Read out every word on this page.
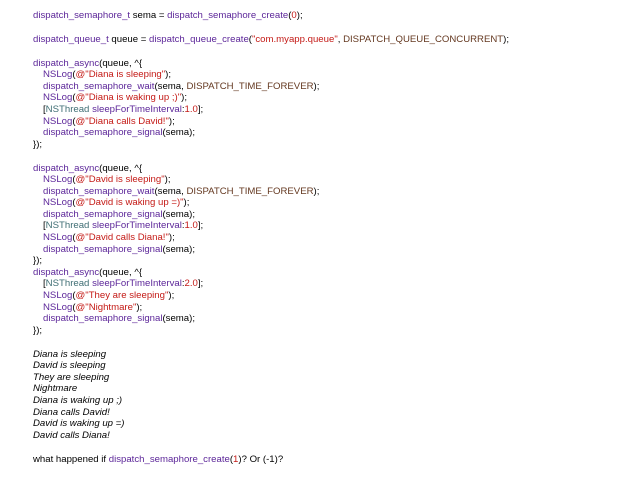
dispatch_semaphore_t sema = dispatch_semaphore_create(0);
dispatch_queue_t queue = dispatch_queue_create("com.myapp.queue", DISPATCH_QUEUE_CONCURRENT);
dispatch_async(queue, ^{
NSLog(@"Diana is sleeping");
dispatch_semaphore_wait(sema, DISPATCH_TIME_FOREVER);
NSLog(@"Diana is waking up ;)");
[NSThread sleepForTimeInterval:1.0];
NSLog(@"Diana calls David!");
dispatch_semaphore_signal(sema);
});
dispatch_async(queue, ^{
NSLog(@"David is sleeping");
dispatch_semaphore_wait(sema, DISPATCH_TIME_FOREVER);
NSLog(@"David is waking up =)");
dispatch_semaphore_signal(sema);
[NSThread sleepForTimeInterval:1.0];
NSLog(@"David calls Diana!");
dispatch_semaphore_signal(sema);
});
dispatch_async(queue, ^{
[NSThread sleepForTimeInterval:2.0];
NSLog(@"They are sleeping");
NSLog(@"Nightmare");
dispatch_semaphore_signal(sema);
});
Diana is sleeping
David is sleeping
They are sleeping
Nightmare
Diana is waking up ;)
Diana calls David!
David is waking up =)
David calls Diana!
what happened if dispatch_semaphore_create(1)? Or (-1)?
